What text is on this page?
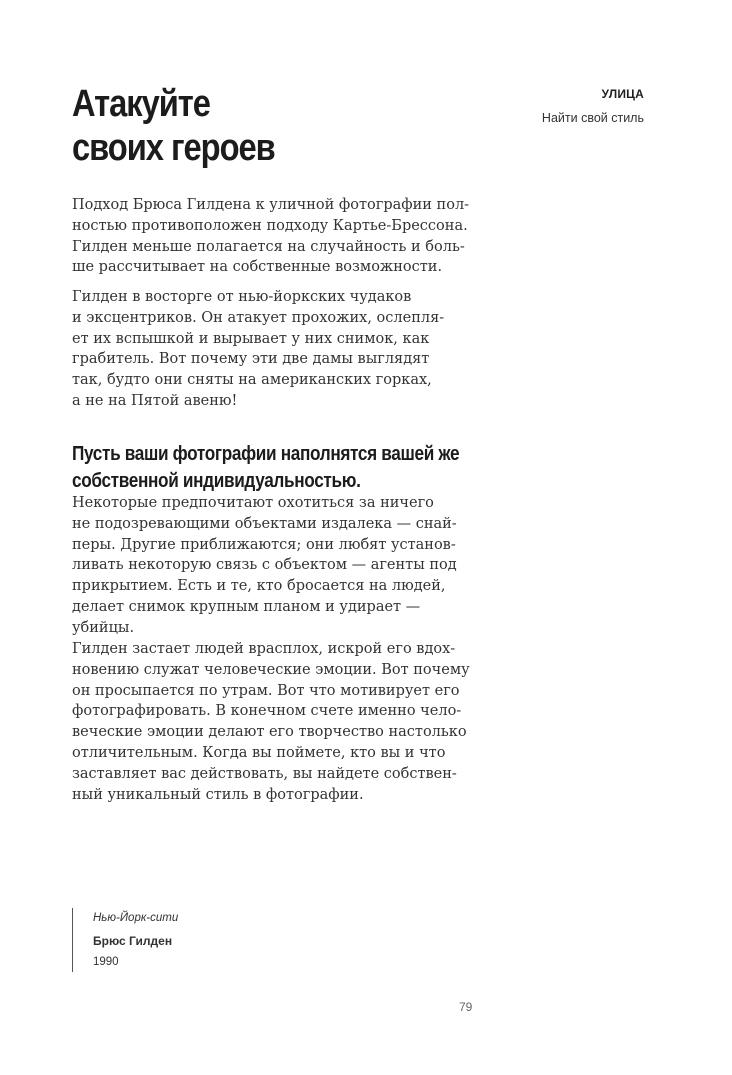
УЛИЦА
Найти свой стиль
Атакуйте
своих героев
Подход Брюса Гилдена к уличной фотографии пол-
ностью противоположен подходу Картье-Брессона.
Гилден меньше полагается на случайность и боль-
ше рассчитывает на собственные возможности.
Гилден в восторге от нью-йоркских чудаков
и эксцентриков. Он атакует прохожих, ослепля-
ет их вспышкой и вырывает у них снимок, как
грабитель. Вот почему эти две дамы выглядят
так, будто они сняты на американских горках,
а не на Пятой авеню!
Пусть ваши фотографии наполнятся вашей же
собственной индивидуальностью.
Некоторые предпочитают охотиться за ничего
не подозревающими объектами издалека — снай-
перы. Другие приближаются; они любят установ-
ливать некоторую связь с объектом — агенты под
прикрытием. Есть и те, кто бросается на людей,
делает снимок крупным планом и удирает —
убийцы.
Гилден застает людей врасплох, искрой его вдох-
новению служат человеческие эмоции. Вот почему
он просыпается по утрам. Вот что мотивирует его
фотографировать. В конечном счете именно чело-
веческие эмоции делают его творчество настолько
отличительным. Когда вы поймете, кто вы и что
заставляет вас действовать, вы найдете собствен-
ный уникальный стиль в фотографии.
Нью-Йорк-сити
Брюс Гилден
1990
79
